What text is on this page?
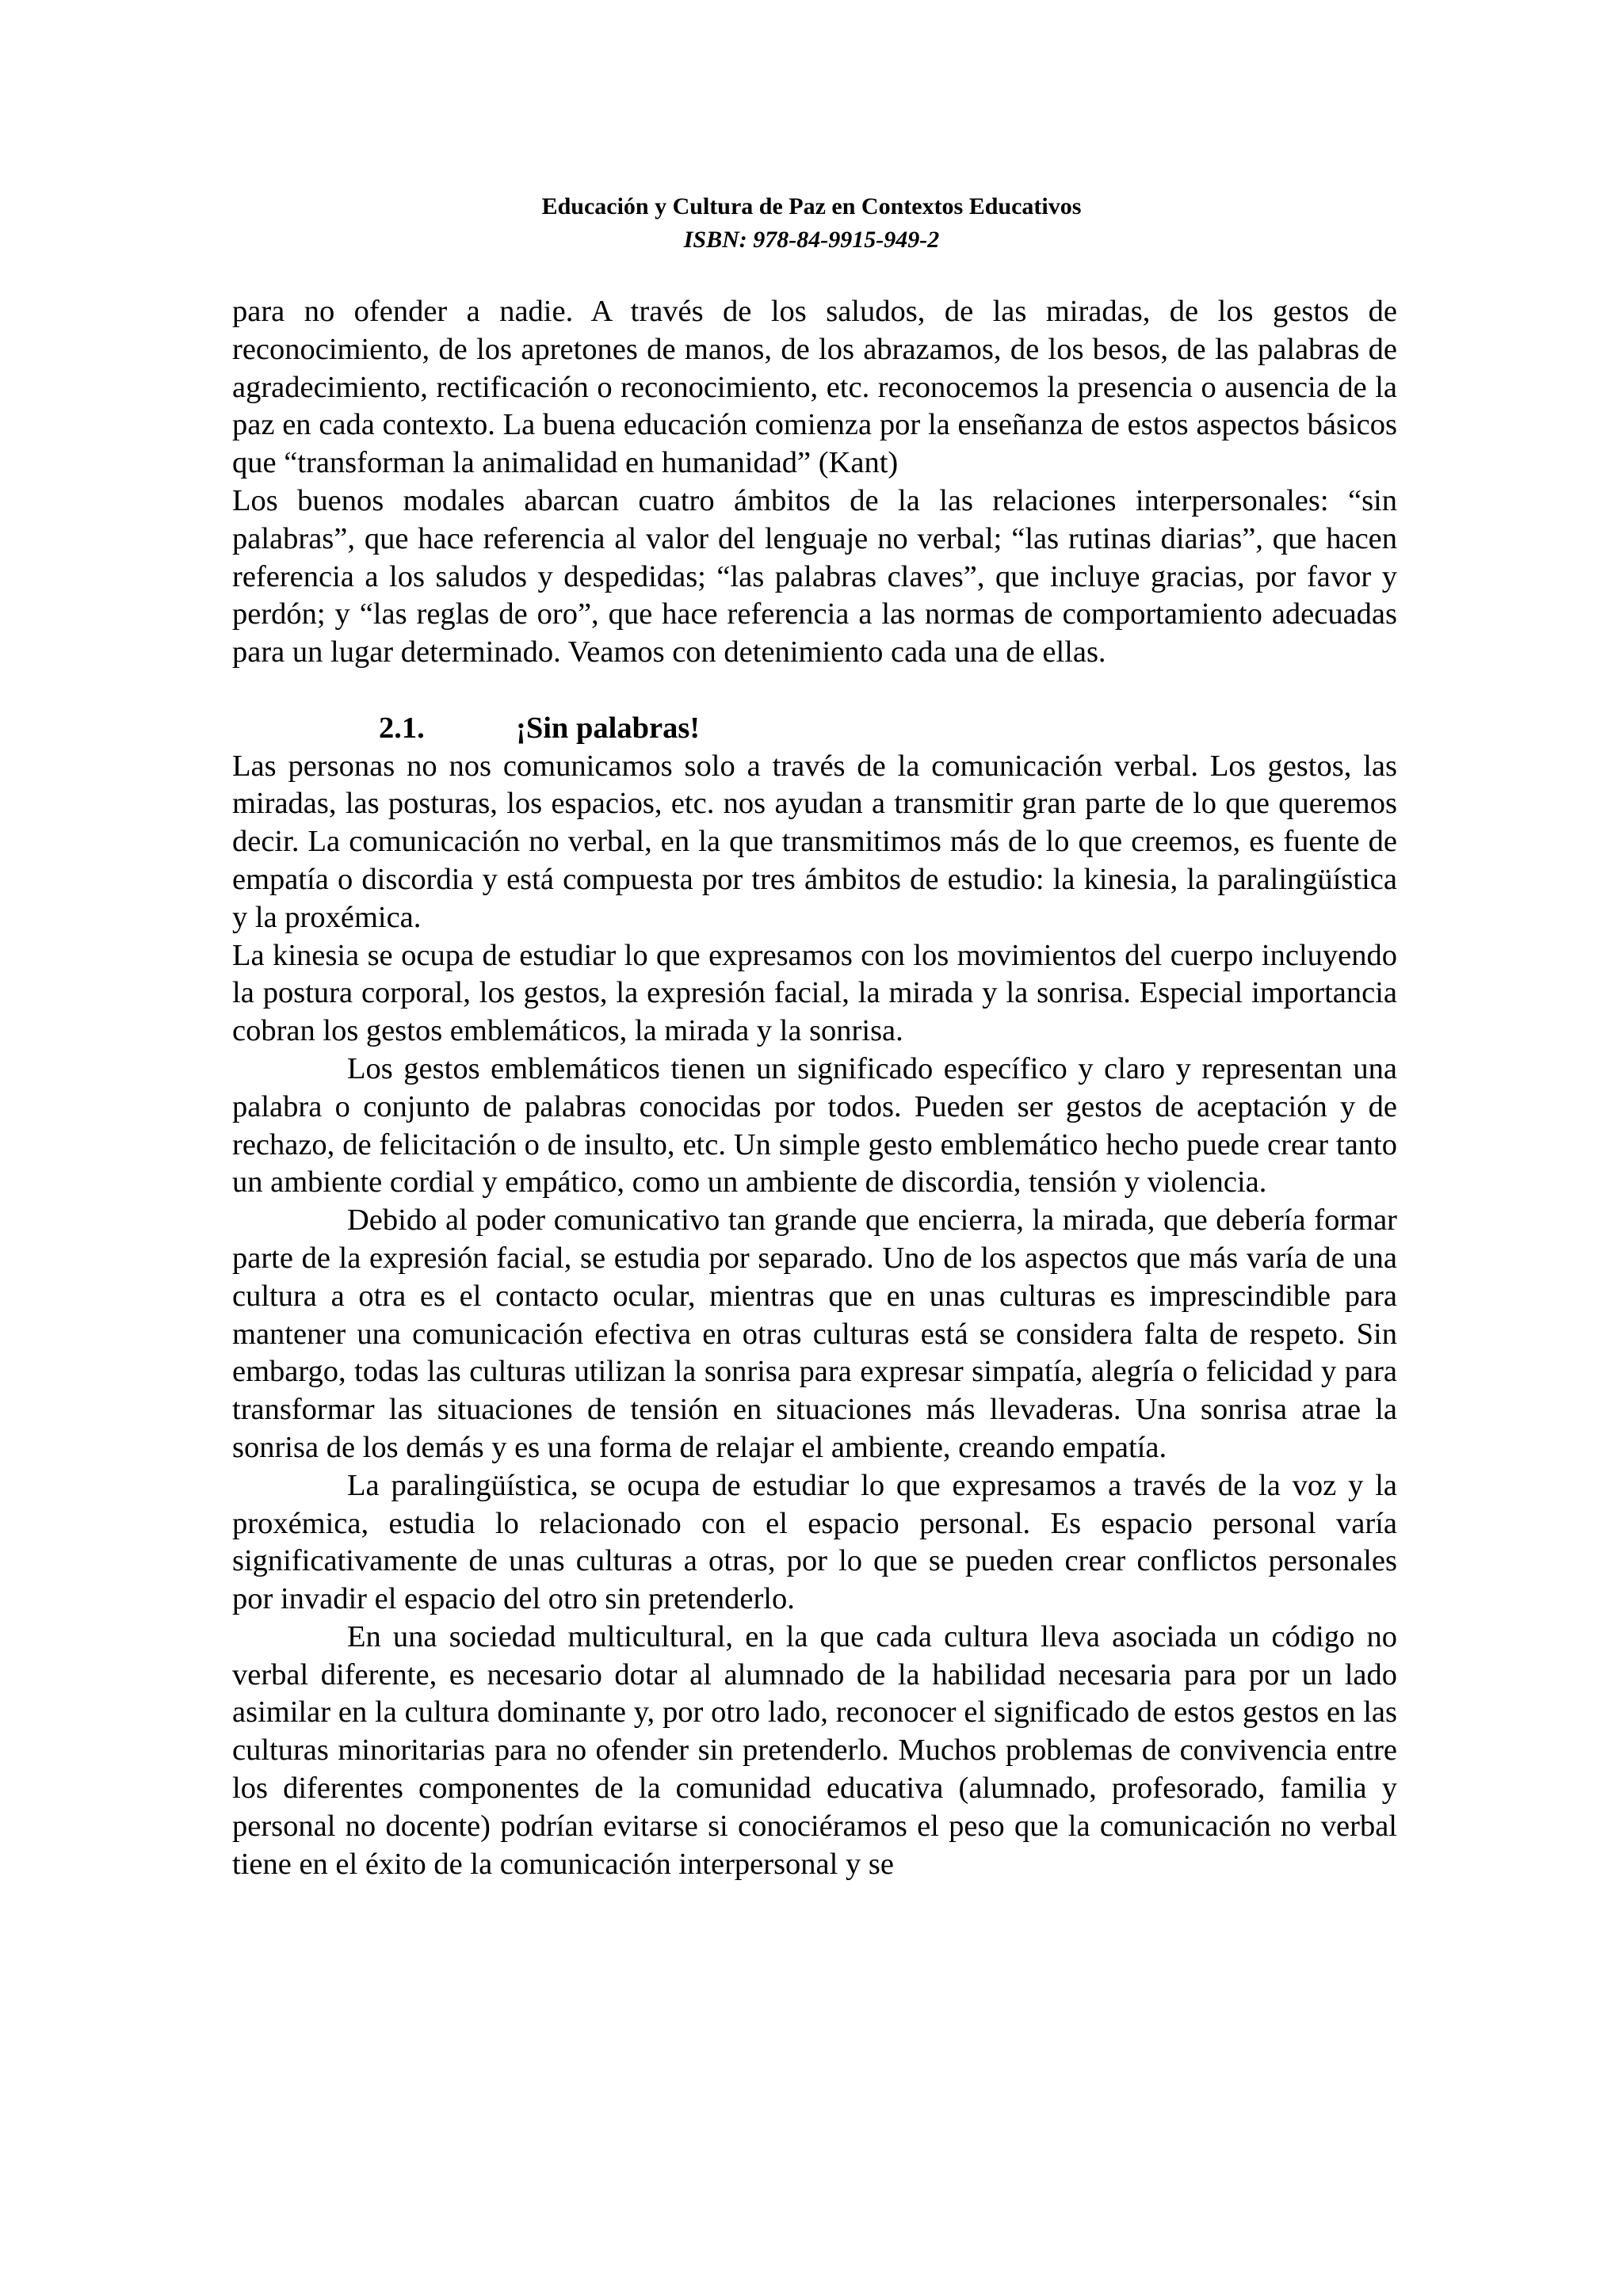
Educación y Cultura de Paz en Contextos Educativos
ISBN: 978-84-9915-949-2

para no ofender a nadie. A través de los saludos, de las miradas, de los gestos de reconocimiento, de los apretones de manos, de los abrazamos, de los besos, de las palabras de agradecimiento, rectificación o reconocimiento, etc. reconocemos la presencia o ausencia de la paz en cada contexto. La buena educación comienza por la enseñanza de estos aspectos básicos que “transforman la animalidad en humanidad” (Kant)

Los buenos modales abarcan cuatro ámbitos de la las relaciones interpersonales: “sin palabras”, que hace referencia al valor del lenguaje no verbal; “las rutinas diarias”, que hacen referencia a los saludos y despedidas; “las palabras claves”, que incluye gracias, por favor y perdón; y “las reglas de oro”, que hace referencia a las normas de comportamiento adecuadas para un lugar determinado. Veamos con detenimiento cada una de ellas.

2.1.	¡Sin palabras!

Las personas no nos comunicamos solo a través de la comunicación verbal. Los gestos, las miradas, las posturas, los espacios, etc. nos ayudan a transmitir gran parte de lo que queremos decir. La comunicación no verbal, en la que transmitimos más de lo que creemos, es fuente de empatía o discordia y está compuesta por tres ámbitos de estudio: la kinesia, la paralingüística y la proxémica.

La kinesia se ocupa de estudiar lo que expresamos con los movimientos del cuerpo incluyendo la postura corporal, los gestos, la expresión facial, la mirada y la sonrisa. Especial importancia cobran los gestos emblemáticos, la mirada y la sonrisa.

Los gestos emblemáticos tienen un significado específico y claro y representan una palabra o conjunto de palabras conocidas por todos. Pueden ser gestos de aceptación y de rechazo, de felicitación o de insulto, etc. Un simple gesto emblemático hecho puede crear tanto un ambiente cordial y empático, como un ambiente de discordia, tensión y violencia.

Debido al poder comunicativo tan grande que encierra, la mirada, que debería formar parte de la expresión facial, se estudia por separado. Uno de los aspectos que más varía de una cultura a otra es el contacto ocular, mientras que en unas culturas es imprescindible para mantener una comunicación efectiva en otras culturas está se considera falta de respeto. Sin embargo, todas las culturas utilizan la sonrisa para expresar simpatía, alegría o felicidad y para transformar las situaciones de tensión en situaciones más llevaderas. Una sonrisa atrae la sonrisa de los demás y es una forma de relajar el ambiente, creando empatía.

La paralingüística, se ocupa de estudiar lo que expresamos a través de la voz y la proxémica, estudia lo relacionado con el espacio personal. Es espacio personal varía significativamente de unas culturas a otras, por lo que se pueden crear conflictos personales por invadir el espacio del otro sin pretenderlo.

En una sociedad multicultural, en la que cada cultura lleva asociada un código no verbal diferente, es necesario dotar al alumnado de la habilidad necesaria para por un lado asimilar en la cultura dominante y, por otro lado, reconocer el significado de estos gestos en las culturas minoritarias para no ofender sin pretenderlo. Muchos problemas de convivencia entre los diferentes componentes de la comunidad educativa (alumnado, profesorado, familia y personal no docente) podrían evitarse si conociéramos el peso que la comunicación no verbal tiene en el éxito de la comunicación interpersonal y se
